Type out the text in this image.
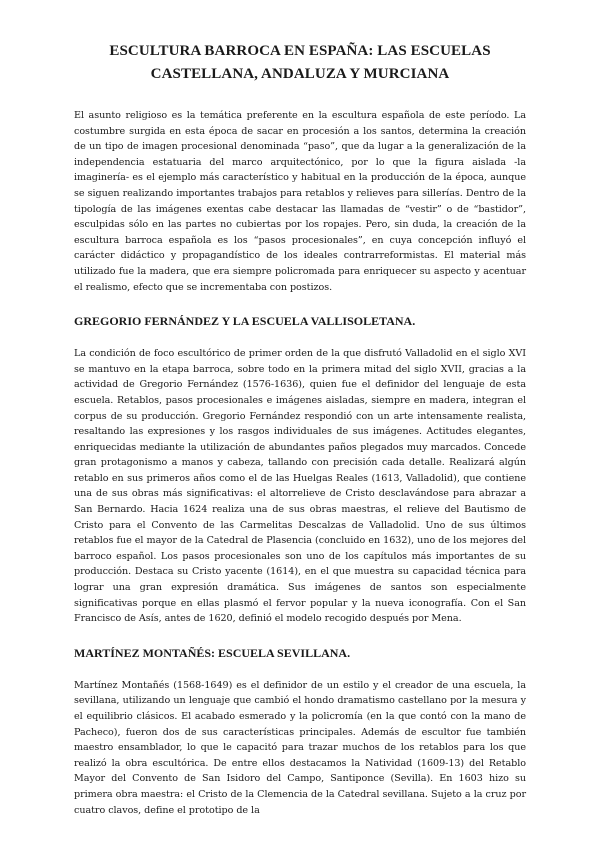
ESCULTURA BARROCA EN ESPAÑA: LAS ESCUELAS
CASTELLANA, ANDALUZA Y MURCIANA

El asunto religioso es la temática preferente en la escultura española de este período. La costumbre surgida en esta época de sacar en procesión a los santos, determina la creación de un tipo de imagen procesional denominada “paso”, que da lugar a la generalización de la independencia estatuaria del marco arquitectónico, por lo que la figura aislada -la imaginería- es el ejemplo más característico y habitual en la producción de la época, aunque se siguen realizando importantes trabajos para retablos y relieves para sillerías. Dentro de la tipología de las imágenes exentas cabe destacar las llamadas de “vestir” o de “bastidor”, esculpidas sólo en las partes no cubiertas por los ropajes. Pero, sin duda, la creación de la escultura barroca española es los “pasos procesionales”, en cuya concepción influyó el carácter didáctico y propagandístico de los ideales contrarreformistas. El material más utilizado fue la madera, que era siempre policromada para enriquecer su aspecto y acentuar el realismo, efecto que se incrementaba con postizos.

GREGORIO FERNÁNDEZ Y LA ESCUELA VALLISOLETANA.

La condición de foco escultórico de primer orden de la que disfrutó Valladolid en el siglo XVI se mantuvo en la etapa barroca, sobre todo en la primera mitad del siglo XVII, gracias a la actividad de Gregorio Fernández (1576-1636), quien fue el definidor del lenguaje de esta escuela. Retablos, pasos procesionales e imágenes aisladas, siempre en madera, integran el corpus de su producción. Gregorio Fernández respondió con un arte intensamente realista, resaltando las expresiones y los rasgos individuales de sus imágenes. Actitudes elegantes, enriquecidas mediante la utilización de abundantes paños plegados muy marcados. Concede gran protagonismo a manos y cabeza, tallando con precisión cada detalle. Realizará algún retablo en sus primeros años como el de las Huelgas Reales (1613, Valladolid), que contiene una de sus obras más significativas: el altorrelieve de Cristo desclavándose para abrazar a San Bernardo. Hacia 1624 realiza una de sus obras maestras, el relieve del Bautismo de Cristo para el Convento de las Carmelitas Descalzas de Valladolid. Uno de sus últimos retablos fue el mayor de la Catedral de Plasencia (concluido en 1632), uno de los mejores del barroco español. Los pasos procesionales son uno de los capítulos más importantes de su producción. Destaca su Cristo yacente (1614), en el que muestra su capacidad técnica para lograr una gran expresión dramática. Sus imágenes de santos son especialmente significativas porque en ellas plasmó el fervor popular y la nueva iconografía. Con el San Francisco de Asís, antes de 1620, definió el modelo recogido después por Mena.

MARTÍNEZ MONTAÑÉS: ESCUELA SEVILLANA.

Martínez Montañés (1568-1649) es el definidor de un estilo y el creador de una escuela, la sevillana, utilizando un lenguaje que cambió el hondo dramatismo castellano por la mesura y el equilibrio clásicos. El acabado esmerado y la policromía (en la que contó con la mano de Pacheco), fueron dos de sus características principales. Además de escultor fue también maestro ensamblador, lo que le capacitó para trazar muchos de los retablos para los que realizó la obra escultórica. De entre ellos destacamos la Natividad (1609-13) del Retablo Mayor del Convento de San Isidoro del Campo, Santiponce (Sevilla). En 1603 hizo su primera obra maestra: el Cristo de la Clemencia de la Catedral sevillana. Sujeto a la cruz por cuatro clavos, define el prototipo de la
